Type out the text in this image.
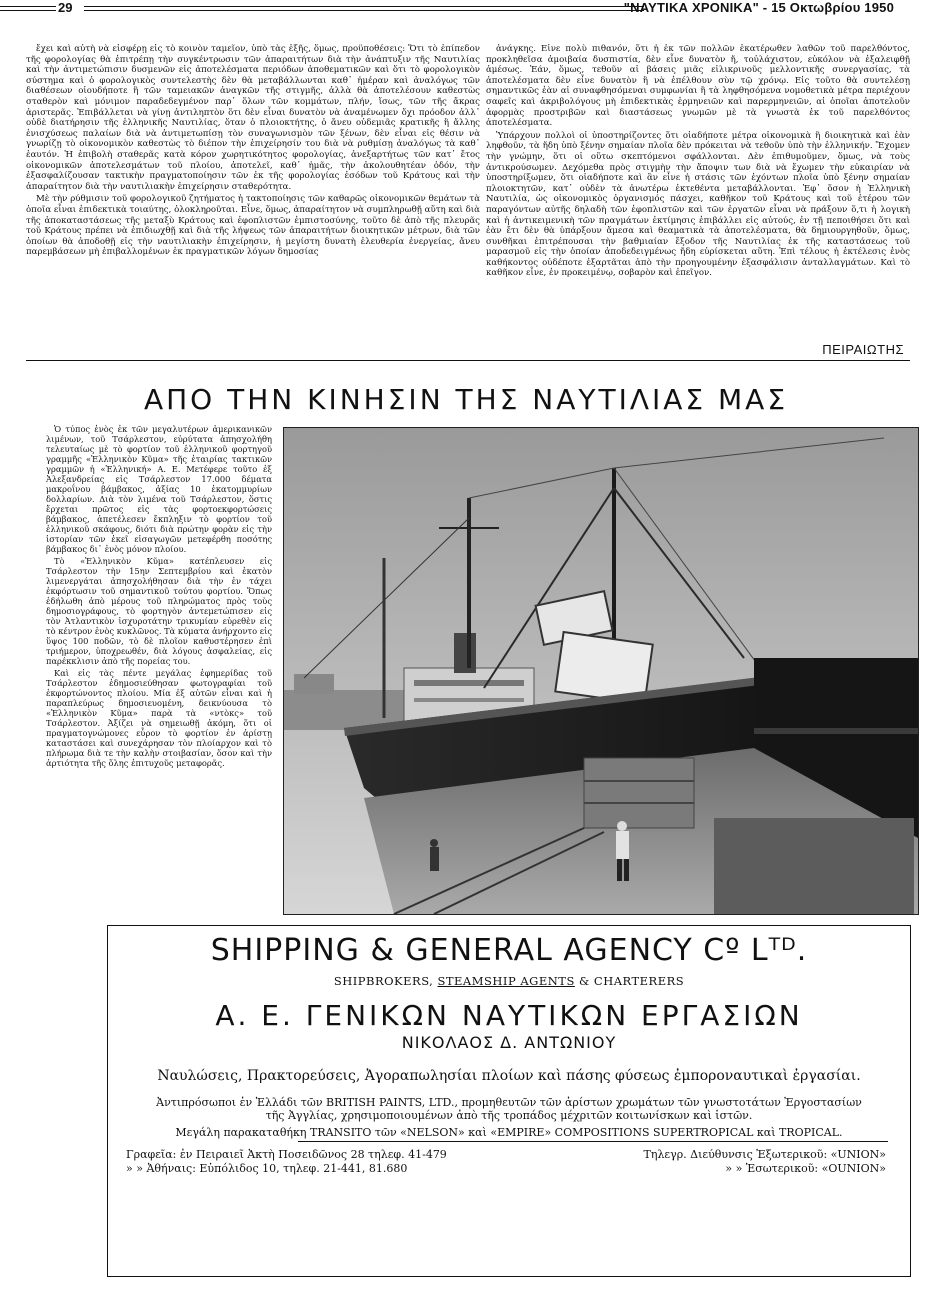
29	"ΝΑΥΤΙΚΑ ΧΡΟΝΙΚΑ" - 15 Οκτωβρίου 1950

ἔχει καὶ αὐτὴ νὰ εἰσφέρῃ εἰς τὸ κοινὸν ταμεῖον, ὑπὸ τὰς ἑξῆς, ὅμως, προϋποθέσεις: Ὅτι τὸ ἐπίπεδον τῆς φορολογίας θὰ ἐπιτρέπῃ τὴν συγκέντρωσιν τῶν ἀπαραιτήτων διὰ τὴν ἀνάπτυξιν τῆς Ναυτιλίας καὶ τὴν ἀντιμετώπισιν δυσμενῶν εἰς ἀποτελέσματα περιόδων ἀποθεματικῶν καὶ ὅτι τὸ φορολογικὸν σύστημα καὶ ὁ φορολογικὸς συντελεστὴς δὲν θὰ μεταβάλλωνται καθ᾿ ἡμέραν καὶ ἀναλόγως τῶν διαθέσεων οἱουδήποτε ἢ τῶν ταμειακῶν ἀναγκῶν τῆς στιγμῆς, ἀλλὰ θὰ ἀποτελέσουν καθεστὼς σταθερὸν καὶ μόνιμον παραδεδεγμένον παρ᾿ ὅλων τῶν κομμάτων, πλήν, ἴσως, τῶν τῆς ἄκρας ἀριστερᾶς. Ἐπιβάλλεται νὰ γίνῃ ἀντιληπτὸν ὅτι δὲν εἶναι δυνατὸν νὰ ἀναμένωμεν ὄχι πρόοδον ἀλλ᾿ οὐδὲ διατήρησιν τῆς ἑλληνικῆς Ναυτιλίας, ὅταν ὁ πλοιοκτήτης, ὁ ἄνευ οὐδεμιᾶς κρατικῆς ἢ ἄλλης ἐνισχύσεως παλαίων διὰ νὰ ἀντιμετωπίσῃ τὸν συναγωνισμὸν τῶν ξένων, δὲν εἶναι εἰς θέσιν νὰ γνωρίζῃ τὸ οἰκονομικὸν καθεστὼς τὸ διέπον τὴν ἐπιχείρησίν του διὰ νὰ ρυθμίσῃ ἀναλόγως τὰ καθ᾿ ἑαυτόν. Ἡ ἐπιβολὴ σταθερᾶς κατὰ κόρον χωρητικότητος φορολογίας, ἀνεξαρτήτως τῶν κατ᾿ ἔτος οἰκονομικῶν ἀποτελεσμάτων τοῦ πλοίου, ἀποτελεῖ, καθ᾿ ἡμᾶς, τὴν ἀκολουθητέαν ὁδόν, τὴν ἐξασφαλίζουσαν τακτικὴν πραγματοποίησιν τῶν ἐκ τῆς φορολογίας ἐσόδων τοῦ Κράτους καὶ τὴν ἀπαραίτητον διὰ τὴν ναυτιλιακὴν ἐπιχείρησιν σταθερότητα.

Μὲ τὴν ρύθμισιν τοῦ φορολογικοῦ ζητήματος ἡ τακτοποίησις τῶν καθαρῶς οἰκονομικῶν θεμάτων τὰ ὁποῖα εἶναι ἐπιδεκτικὰ τοιαύτης, ὁλοκληροῦται. Εἶνε, ὅμως, ἀπαραίτητον νὰ συμπληρωθῇ αὕτη καὶ διὰ τῆς ἀποκαταστάσεως τῆς μεταξὺ Κράτους καὶ ἐφοπλιστῶν ἐμπιστοσύνης, τοῦτο δὲ ἀπὸ τῆς πλευρᾶς τοῦ Κράτους πρέπει νὰ ἐπιδιωχθῇ καὶ διὰ τῆς λήψεως τῶν ἀπαραιτήτων διοικητικῶν μέτρων, διὰ τῶν ὁποίων θὰ ἀποδοθῇ εἰς τὴν ναυτιλιακὴν ἐπιχείρησιν, ἡ μεγίστη δυνατὴ ἐλευθερία ἐνεργείας, ἄνευ παρεμβάσεων μὴ ἐπιβαλλομένων ἐκ πραγματικῶν λόγων δημοσίας

ἀνάγκης. Εἶνε πολὺ πιθανόν, ὅτι ἡ ἐκ τῶν πολλῶν ἑκατέρωθεν λαθῶν τοῦ παρελθόντος, προκληθεῖσα ἀμοιβαία δυσπιστία, δὲν εἶνε δυνατὸν ἤ, τοὐλάχιστον, εὐκόλον νὰ ἐξαλειφθῇ ἀμέσως. Ἐάν, ὅμως, τεθοῦν αἱ βάσεις μιᾶς εἰλικρινοῦς μελλοντικῆς συνεργασίας, τὰ ἀποτελέσματα δὲν εἶνε δυνατὸν ἢ νὰ ἐπέλθουν σὺν τῷ χρόνῳ. Εἰς τοῦτο θὰ συντελέσῃ σημαντικῶς ἐὰν αἱ συναφθησόμεναι συμφωνίαι ἢ τὰ ληφθησόμενα νομοθετικὰ μέτρα περιέχουν σαφεῖς καὶ ἀκριβολόγους μὴ ἐπιδεκτικὰς ἑρμηνειῶν καὶ παρερμηνειῶν, αἱ ὁποῖαι ἀποτελοῦν ἀφορμὰς προστριβῶν καὶ διαστάσεως γνωμῶν μὲ τὰ γνωστὰ ἐκ τοῦ παρελθόντος ἀποτελέσματα.

Ὑπάρχουν πολλοὶ οἱ ὑποστηρίζοντες ὅτι οἱαδήποτε μέτρα οἰκονομικὰ ἢ διοικητικὰ καὶ ἐὰν ληφθοῦν, τὰ ἤδη ὑπὸ ξένην σημαίαν πλοῖα δὲν πρόκειται νὰ τεθοῦν ὑπὸ τὴν ἑλληνικήν. Ἔχομεν τὴν γνώμην, ὅτι οἱ οὕτω σκεπτόμενοι σφάλλονται. Δὲν ἐπιθυμοῦμεν, ὅμως, νὰ τοὺς ἀντικρούσωμεν. Δεχόμεθα πρὸς στιγμὴν τὴν ἄποψιν των διὰ νὰ ἔχωμεν τὴν εὐκαιρίαν νὰ ὑποστηρίξωμεν, ὅτι οἱαδήποτε καὶ ἂν εἶνε ἡ στάσις τῶν ἐχόντων πλοῖα ὑπὸ ξένην σημαίαν πλοιοκτητῶν, κατ᾿ οὐδὲν τὰ ἀνωτέρω ἐκτεθέντα μεταβάλλονται. Ἐφ᾿ ὅσον ἡ Ἑλληνικὴ Ναυτιλία, ὡς οἰκονομικὸς ὀργανισμός πάσχει, καθῆκον τοῦ Κράτους καὶ τοῦ ἑτέρου τῶν παραγόντων αὐτῆς δηλαδὴ τῶν ἐφοπλιστῶν καὶ τῶν ἐργατῶν εἶναι νὰ πράξουν ὅ,τι ἡ λογικὴ καὶ ἡ ἀντικειμενικὴ τῶν πραγμάτων ἐκτίμησις ἐπιβάλλει εἰς αὐτούς, ἐν τῇ πεποιθήσει ὅτι καὶ ἐὰν ἔτι δὲν θὰ ὑπάρξουν ἄμεσα καὶ θεαματικὰ τὰ ἀποτελέσματα, θὰ δημιουργηθοῦν, ὅμως, συνθῆκαι ἐπιτρέπουσαι τὴν βαθμιαίαν ἔξοδον τῆς Ναυτιλίας ἐκ τῆς καταστάσεως τοῦ μαρασμοῦ εἰς τὴν ὁποίαν ἀποδεδειγμένως ἤδη εὑρίσκεται αὕτη. Ἐπὶ τέλους ἡ ἐκτέλεσις ἑνὸς καθήκοντος οὐδέποτε ἐξαρτᾶται ἀπὸ τὴν προηγουμένην ἐξασφάλισιν ἀνταλλαγμάτων. Καὶ τὸ καθῆκον εἶνε, ἐν προκειμένῳ, σοβαρὸν καὶ ἐπεῖγον.

ΠΕΙΡΑΙΩΤΗΣ
ΑΠΟ ΤΗΝ ΚΙΝΗΣΙΝ ΤΗΣ ΝΑΥΤΙΛΙΑΣ ΜΑΣ

Ὁ τύπος ἑνὸς ἐκ τῶν μεγαλυτέρων ἀμερικανικῶν λιμένων, τοῦ Τσάρλεστον, εὐρύτατα ἀπησχολήθη τελευταίως μὲ τὸ φορτίον τοῦ ἑλληνικοῦ φορτηγοῦ γραμμῆς «Ἑλληνικὸν Κῦμα» τῆς ἑταιρίας τακτικῶν γραμμῶν ἡ «Ἑλληνική» Α. Ε. Μετέφερε τοῦτο ἐξ Ἀλεξανδρείας εἰς Τσάρλεστον 17.000 δέματα μακροΐνου βάμβακος, ἀξίας 10 ἑκατομμυρίων δολλαρίων. Διὰ τὸν λιμένα τοῦ Τσάρλεστον, ὅστις ἔρχεται πρῶτος εἰς τὰς φορτοεκφορτώσεις βάμβακος, ἀπετέλεσεν ἔκπληξιν τὸ φορτίον τοῦ ἑλληνικοῦ σκάφους, διότι διὰ πρώτην φορὰν εἰς τὴν ἱστορίαν τῶν ἐκεῖ εἰσαγωγῶν μετεφέρθη ποσότης βάμβακος δι᾿ ἑνὸς μόνον πλοίου.

Τὸ «Ἑλληνικὸν Κῦμα» κατέπλευσεν εἰς Τσάρλεστον τὴν 15ην Σεπτεμβρίου καὶ ἑκατὸν λιμενεργάται ἀπησχολήθησαν διὰ τὴν ἐν τάχει ἐκφόρτωσιν τοῦ σημαντικοῦ τούτου φορτίου. Ὅπως ἐδήλωθη ἀπὸ μέρους τοῦ πληρώματος πρὸς τοὺς δημοσιογράφους, τὸ φορτηγὸν ἀντεμετώπισεν εἰς τὸν Ἀτλαντικὸν ἰσχυροτάτην τρικυμίαν εὑρεθὲν εἰς τὸ κέντρον ἑνὸς κυκλῶνος. Τὰ κύματα ἀνήρχοντο εἰς ὕψος 100 ποδῶν, τὸ δὲ πλοῖον καθυστέρησεν ἐπὶ τριήμερον, ὑποχρεωθέν, διὰ λόγους ἀσφαλείας, εἰς παρέκκλισιν ἀπὸ τῆς πορείας του.

Καὶ εἰς τὰς πέντε μεγάλας ἐφημερίδας τοῦ Τσάρλεστον ἐδημοσιεύθησαν φωτογραφίαι τοῦ ἐκφορτώνοντος πλοίου. Μία ἐξ αὐτῶν εἶναι καὶ ἡ παραπλεύρως δημοσιευομένη, δεικνύουσα τὸ «Ἑλληνικὸν Κῦμα» παρὰ τὰ «ντὸκς» τοῦ Τσάρλεστον. Ἀξίζει νὰ σημειωθῇ ἀκόμη, ὅτι οἱ πραγματογνώμονες εὗρον τὸ φορτίον ἐν ἀρίστῃ καταστάσει καὶ συνεχάρησαν τὸν πλοίαρχον καὶ τὸ πλήρωμα διὰ τε τὴν καλὴν στοιβασίαν, ὅσον καὶ τὴν ἀρτιότητα τῆς ὅλης ἐπιτυχοῦς μεταφορᾶς.

SHIPPING & GENERAL AGENCY Cº Lᵀᴰ.
SHIPBROKERS, STEAMSHIP AGENTS & CHARTERERS
Α. Ε. ΓΕΝΙΚΩΝ ΝΑΥΤΙΚΩΝ ΕΡΓΑΣΙΩΝ
ΝΙΚΟΛΑΟΣ Δ. ΑΝΤΩΝΙΟΥ
Ναυλώσεις, Πρακτορεύσεις, Ἀγοραπωλησίαι πλοίων καὶ πάσης φύσεως ἐμποροναυτικαὶ ἐργασίαι.
Ἀντιπρόσωποι ἐν Ἑλλάδι τῶν BRITISH PAINTS, LTD., προμηθευτῶν τῶν ἀρίστων χρωμάτων τῶν γνωστοτάτων Ἐργοστασίων τῆς Ἀγγλίας, χρησιμοποιουμένων ἀπὸ τῆς τροπάδος μέχριτῶν κοιτωνίσκων καὶ ἱστῶν.
Μεγάλη παρακαταθήκη TRANSITO τῶν «NELSON» καὶ «EMPIRE» COMPOSITIONS SUPERTROPICAL καὶ TROPICAL.
Γραφεῖα: ἐν Πειραιεῖ Ἀκτὴ Ποσειδῶνος 28 τηλεφ. 41-479	Τηλεγρ. Διεύθυνσις Ἐξωτερικοῦ: «UNION»
» » Ἀθήναις: Εὐπόλιδος 10, τηλεφ. 21-441, 81.680	» » Ἐσωτερικοῦ: «ΟUΝΙΟΝ»
